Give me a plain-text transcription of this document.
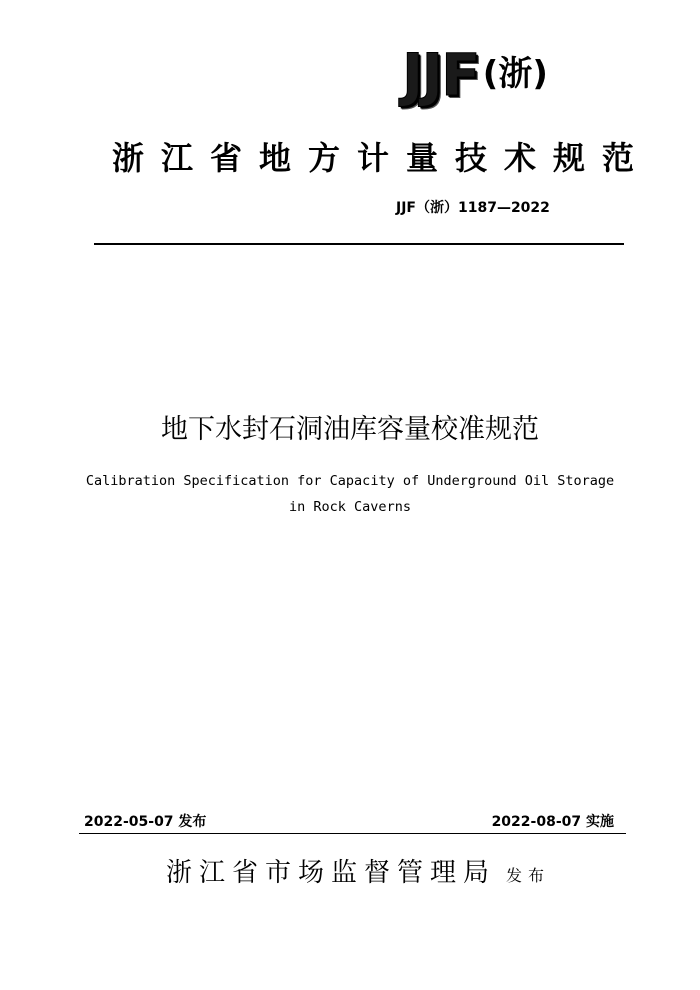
JJF (浙)
浙江省地方计量技术规范
JJF（浙）1187—2022
地下水封石洞油库容量校准规范
Calibration Specification for Capacity of Underground Oil Storage
in Rock Caverns
2022-05-07 发布	2022-08-07 实施
浙江省市场监督管理局 发布
